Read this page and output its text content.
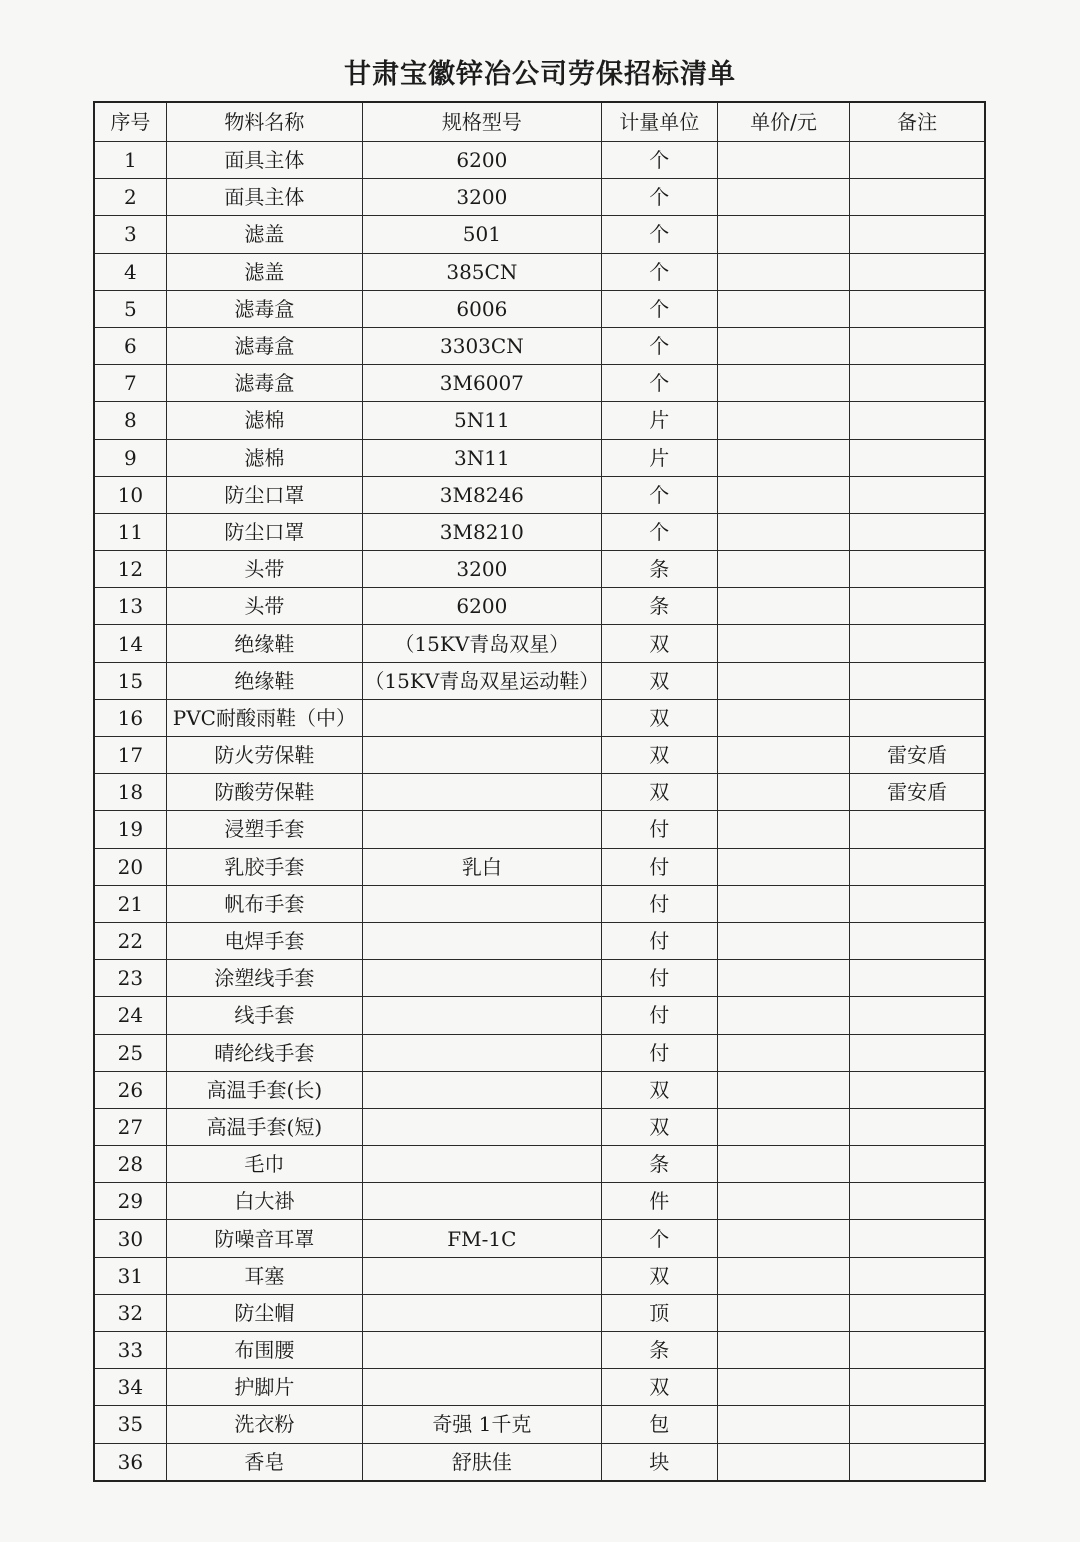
甘肃宝徽锌冶公司劳保招标清单
序号	物料名称	规格型号	计量单位	单价/元	备注
1	面具主体	6200	个		
2	面具主体	3200	个		
3	滤盖	501	个		
4	滤盖	385CN	个		
5	滤毒盒	6006	个		
6	滤毒盒	3303CN	个		
7	滤毒盒	3M6007	个		
8	滤棉	5N11	片		
9	滤棉	3N11	片		
10	防尘口罩	3M8246	个		
11	防尘口罩	3M8210	个		
12	头带	3200	条		
13	头带	6200	条		
14	绝缘鞋	（15KV青岛双星）	双		
15	绝缘鞋	（15KV青岛双星运动鞋）	双		
16	PVC耐酸雨鞋（中）		双		
17	防火劳保鞋		双		雷安盾
18	防酸劳保鞋		双		雷安盾
19	浸塑手套		付		
20	乳胶手套	乳白	付		
21	帆布手套		付		
22	电焊手套		付		
23	涂塑线手套		付		
24	线手套		付		
25	晴纶线手套		付		
26	高温手套(长)		双		
27	高温手套(短)		双		
28	毛巾		条		
29	白大褂		件		
30	防噪音耳罩	FM-1C	个		
31	耳塞		双		
32	防尘帽		顶		
33	布围腰		条		
34	护脚片		双		
35	洗衣粉	奇强 1千克	包		
36	香皂	舒肤佳	块		
